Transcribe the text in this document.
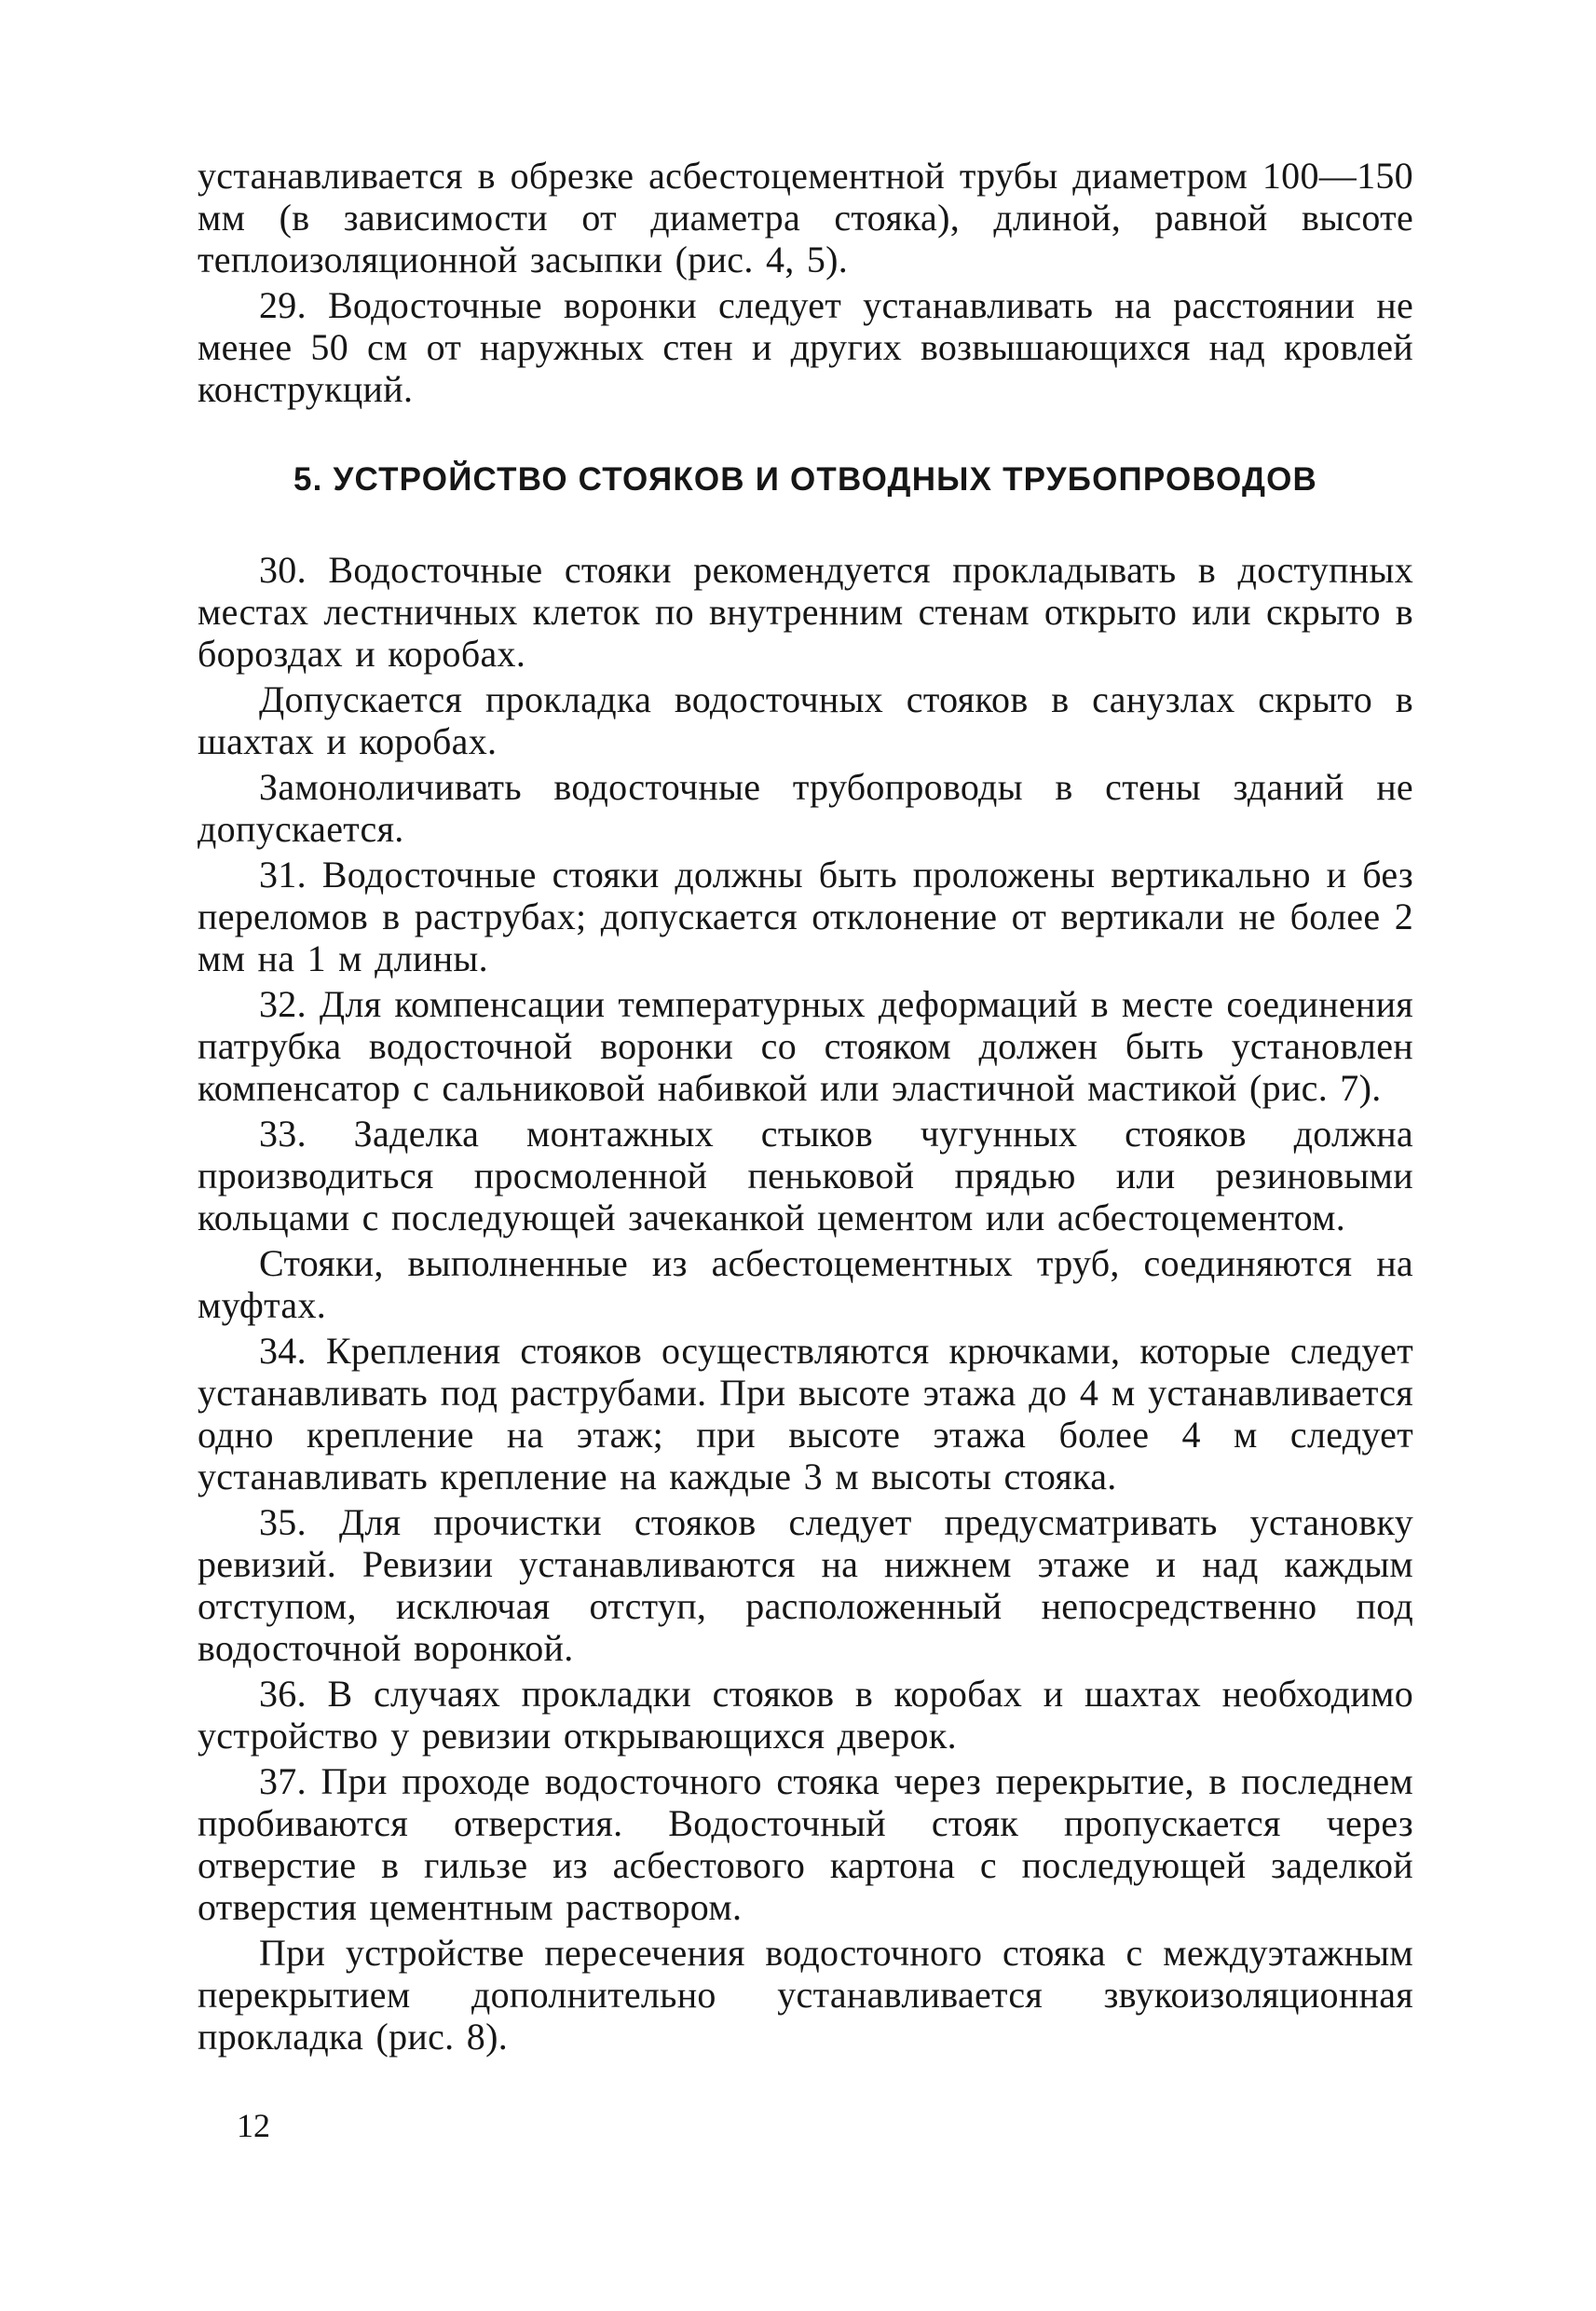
устанавливается в обрезке асбестоцементной трубы диаметром 100—150 мм (в зависимости от диаметра стояка), длиной, равной высоте теплоизоляционной засыпки (рис. 4, 5).

29. Водосточные воронки следует устанавливать на расстоянии не менее 50 см от наружных стен и других возвышающихся над кровлей конструкций.

5. УСТРОЙСТВО СТОЯКОВ И ОТВОДНЫХ ТРУБОПРОВОДОВ

30. Водосточные стояки рекомендуется прокладывать в доступных местах лестничных клеток по внутренним стенам открыто или скрыто в бороздах и коробах.

Допускается прокладка водосточных стояков в санузлах скрыто в шахтах и коробах.

Замоноличивать водосточные трубопроводы в стены зданий не допускается.

31. Водосточные стояки должны быть проложены вертикально и без переломов в раструбах; допускается отклонение от вертикали не более 2 мм на 1 м длины.

32. Для компенсации температурных деформаций в месте соединения патрубка водосточной воронки со стояком должен быть установлен компенсатор с сальниковой набивкой или эластичной мастикой (рис. 7).

33. Заделка монтажных стыков чугунных стояков должна производиться просмоленной пеньковой прядью или резиновыми кольцами с последующей зачеканкой цементом или асбестоцементом.

Стояки, выполненные из асбестоцементных труб, соединяются на муфтах.

34. Крепления стояков осуществляются крючками, которые следует устанавливать под раструбами. При высоте этажа до 4 м устанавливается одно крепление на этаж; при высоте этажа более 4 м следует устанавливать крепление на каждые 3 м высоты стояка.

35. Для прочистки стояков следует предусматривать установку ревизий. Ревизии устанавливаются на нижнем этаже и над каждым отступом, исключая отступ, расположенный непосредственно под водосточной воронкой.

36. В случаях прокладки стояков в коробах и шахтах необходимо устройство у ревизии открывающихся дверок.

37. При проходе водосточного стояка через перекрытие, в последнем пробиваются отверстия. Водосточный стояк пропускается через отверстие в гильзе из асбестового картона с последующей заделкой отверстия цементным раствором.

При устройстве пересечения водосточного стояка с междуэтажным перекрытием дополнительно устанавливается звукоизоляционная прокладка (рис. 8).

12
